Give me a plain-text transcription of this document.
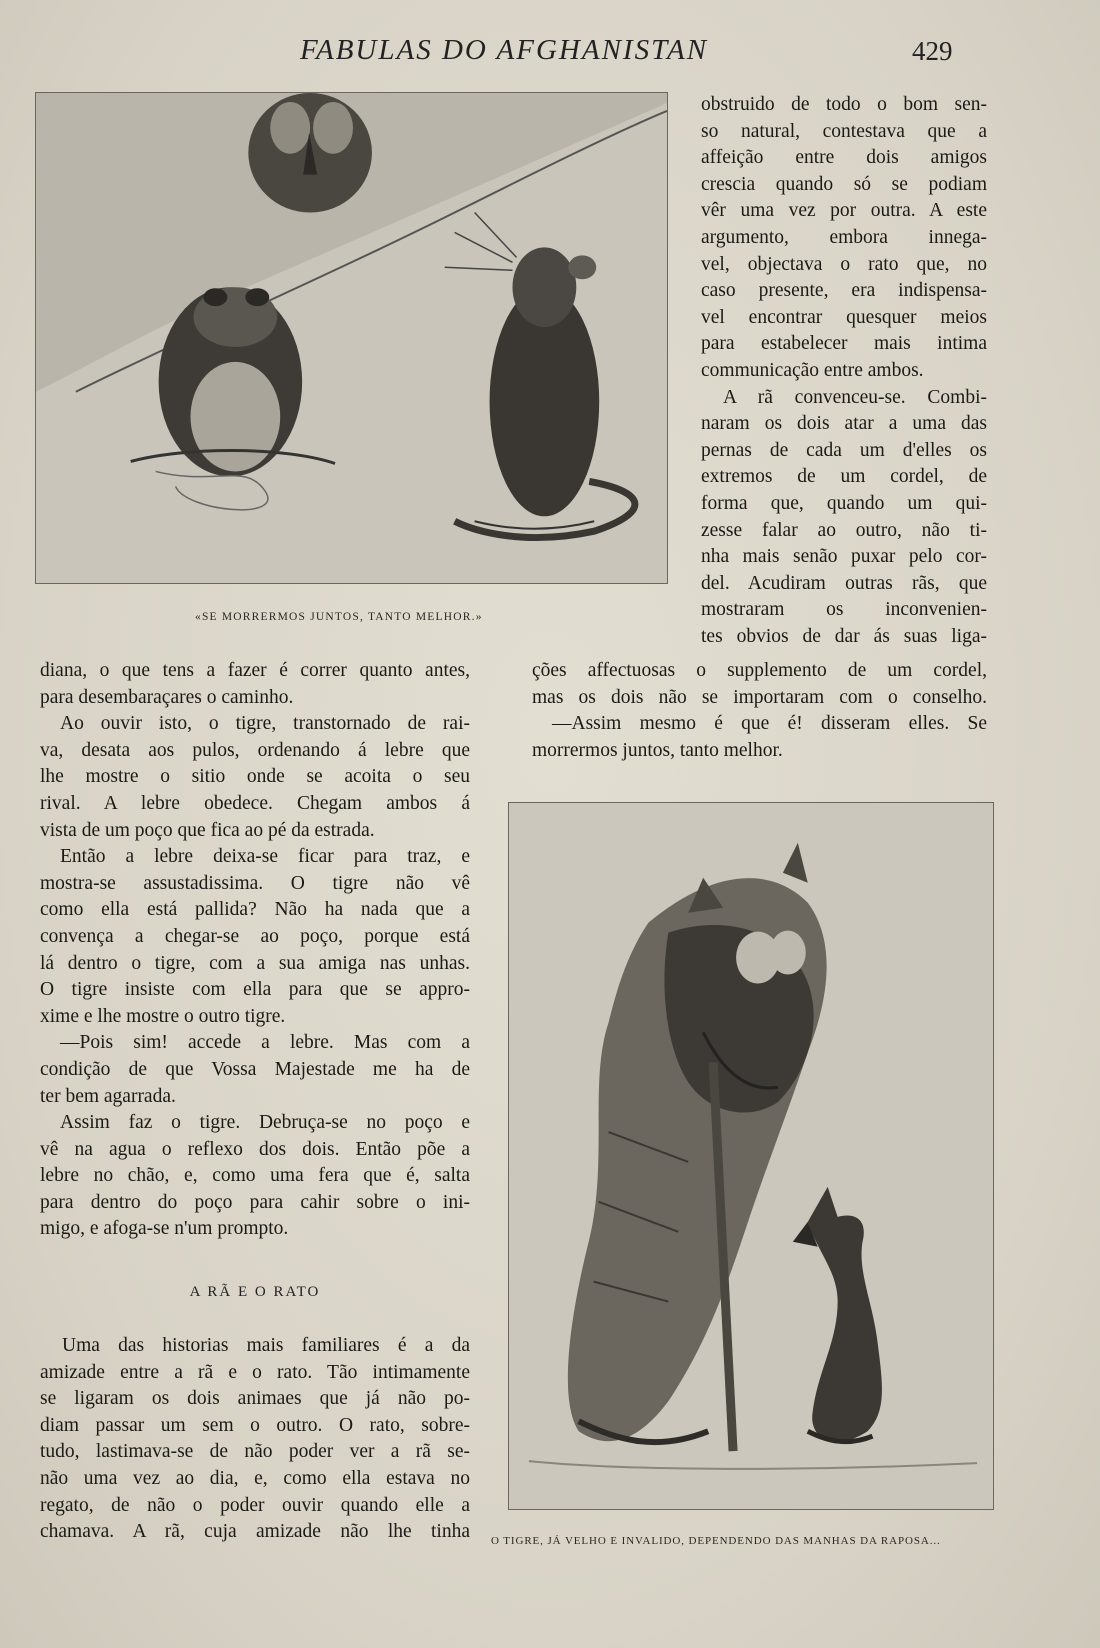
FABULAS DO AFGHANISTAN	429
«SE MORRERMOS JUNTOS, TANTO MELHOR.»
obstruido de todo o bom sen-
so natural, contestava que a
affeição entre dois amigos
crescia quando só se podiam
vêr uma vez por outra. A este
argumento, embora innega-
vel, objectava o rato que, no
caso presente, era indispensa-
vel encontrar quesquer meios
para estabelecer mais intima
communicação entre ambos.
A rã convenceu-se. Combi-
naram os dois atar a uma das
pernas de cada um d'elles os
extremos de um cordel, de
forma que, quando um qui-
zesse falar ao outro, não ti-
nha mais senão puxar pelo cor-
del. Acudiram outras rãs, que
mostraram os inconvenien-
tes obvios de dar ás suas liga-
ções affectuosas o supplemento de um cordel,
mas os dois não se importaram com o conselho.
—Assim mesmo é que é! disseram elles. Se
morrermos juntos, tanto melhor.
diana, o que tens a fazer é correr quanto antes,
para desembaraçares o caminho.
Ao ouvir isto, o tigre, transtornado de rai-
va, desata aos pulos, ordenando á lebre que
lhe mostre o sitio onde se acoita o seu
rival. A lebre obedece. Chegam ambos á
vista de um poço que fica ao pé da estrada.
Então a lebre deixa-se ficar para traz, e
mostra-se assustadissima. O tigre não vê
como ella está pallida? Não ha nada que a
convença a chegar-se ao poço, porque está
lá dentro o tigre, com a sua amiga nas unhas.
O tigre insiste com ella para que se appro-
xime e lhe mostre o outro tigre.
—Pois sim! accede a lebre. Mas com a
condição de que Vossa Majestade me ha de
ter bem agarrada.
Assim faz o tigre. Debruça-se no poço e
vê na agua o reflexo dos dois. Então põe a
lebre no chão, e, como uma fera que é, salta
para dentro do poço para cahir sobre o ini-
migo, e afoga-se n'um prompto.
A RÃ E O RATO
Uma das historias mais familiares é a da
amizade entre a rã e o rato. Tão intimamente
se ligaram os dois animaes que já não po-
diam passar um sem o outro. O rato, sobre-
tudo, lastimava-se de não poder ver a rã se-
não uma vez ao dia, e, como ella estava no
regato, de não o poder ouvir quando elle a
chamava. A rã, cuja amizade não lhe tinha O TIGRE, JÁ VELHO E INVALIDO, DEPENDENDO DAS MANHAS DA RAPOSA...
